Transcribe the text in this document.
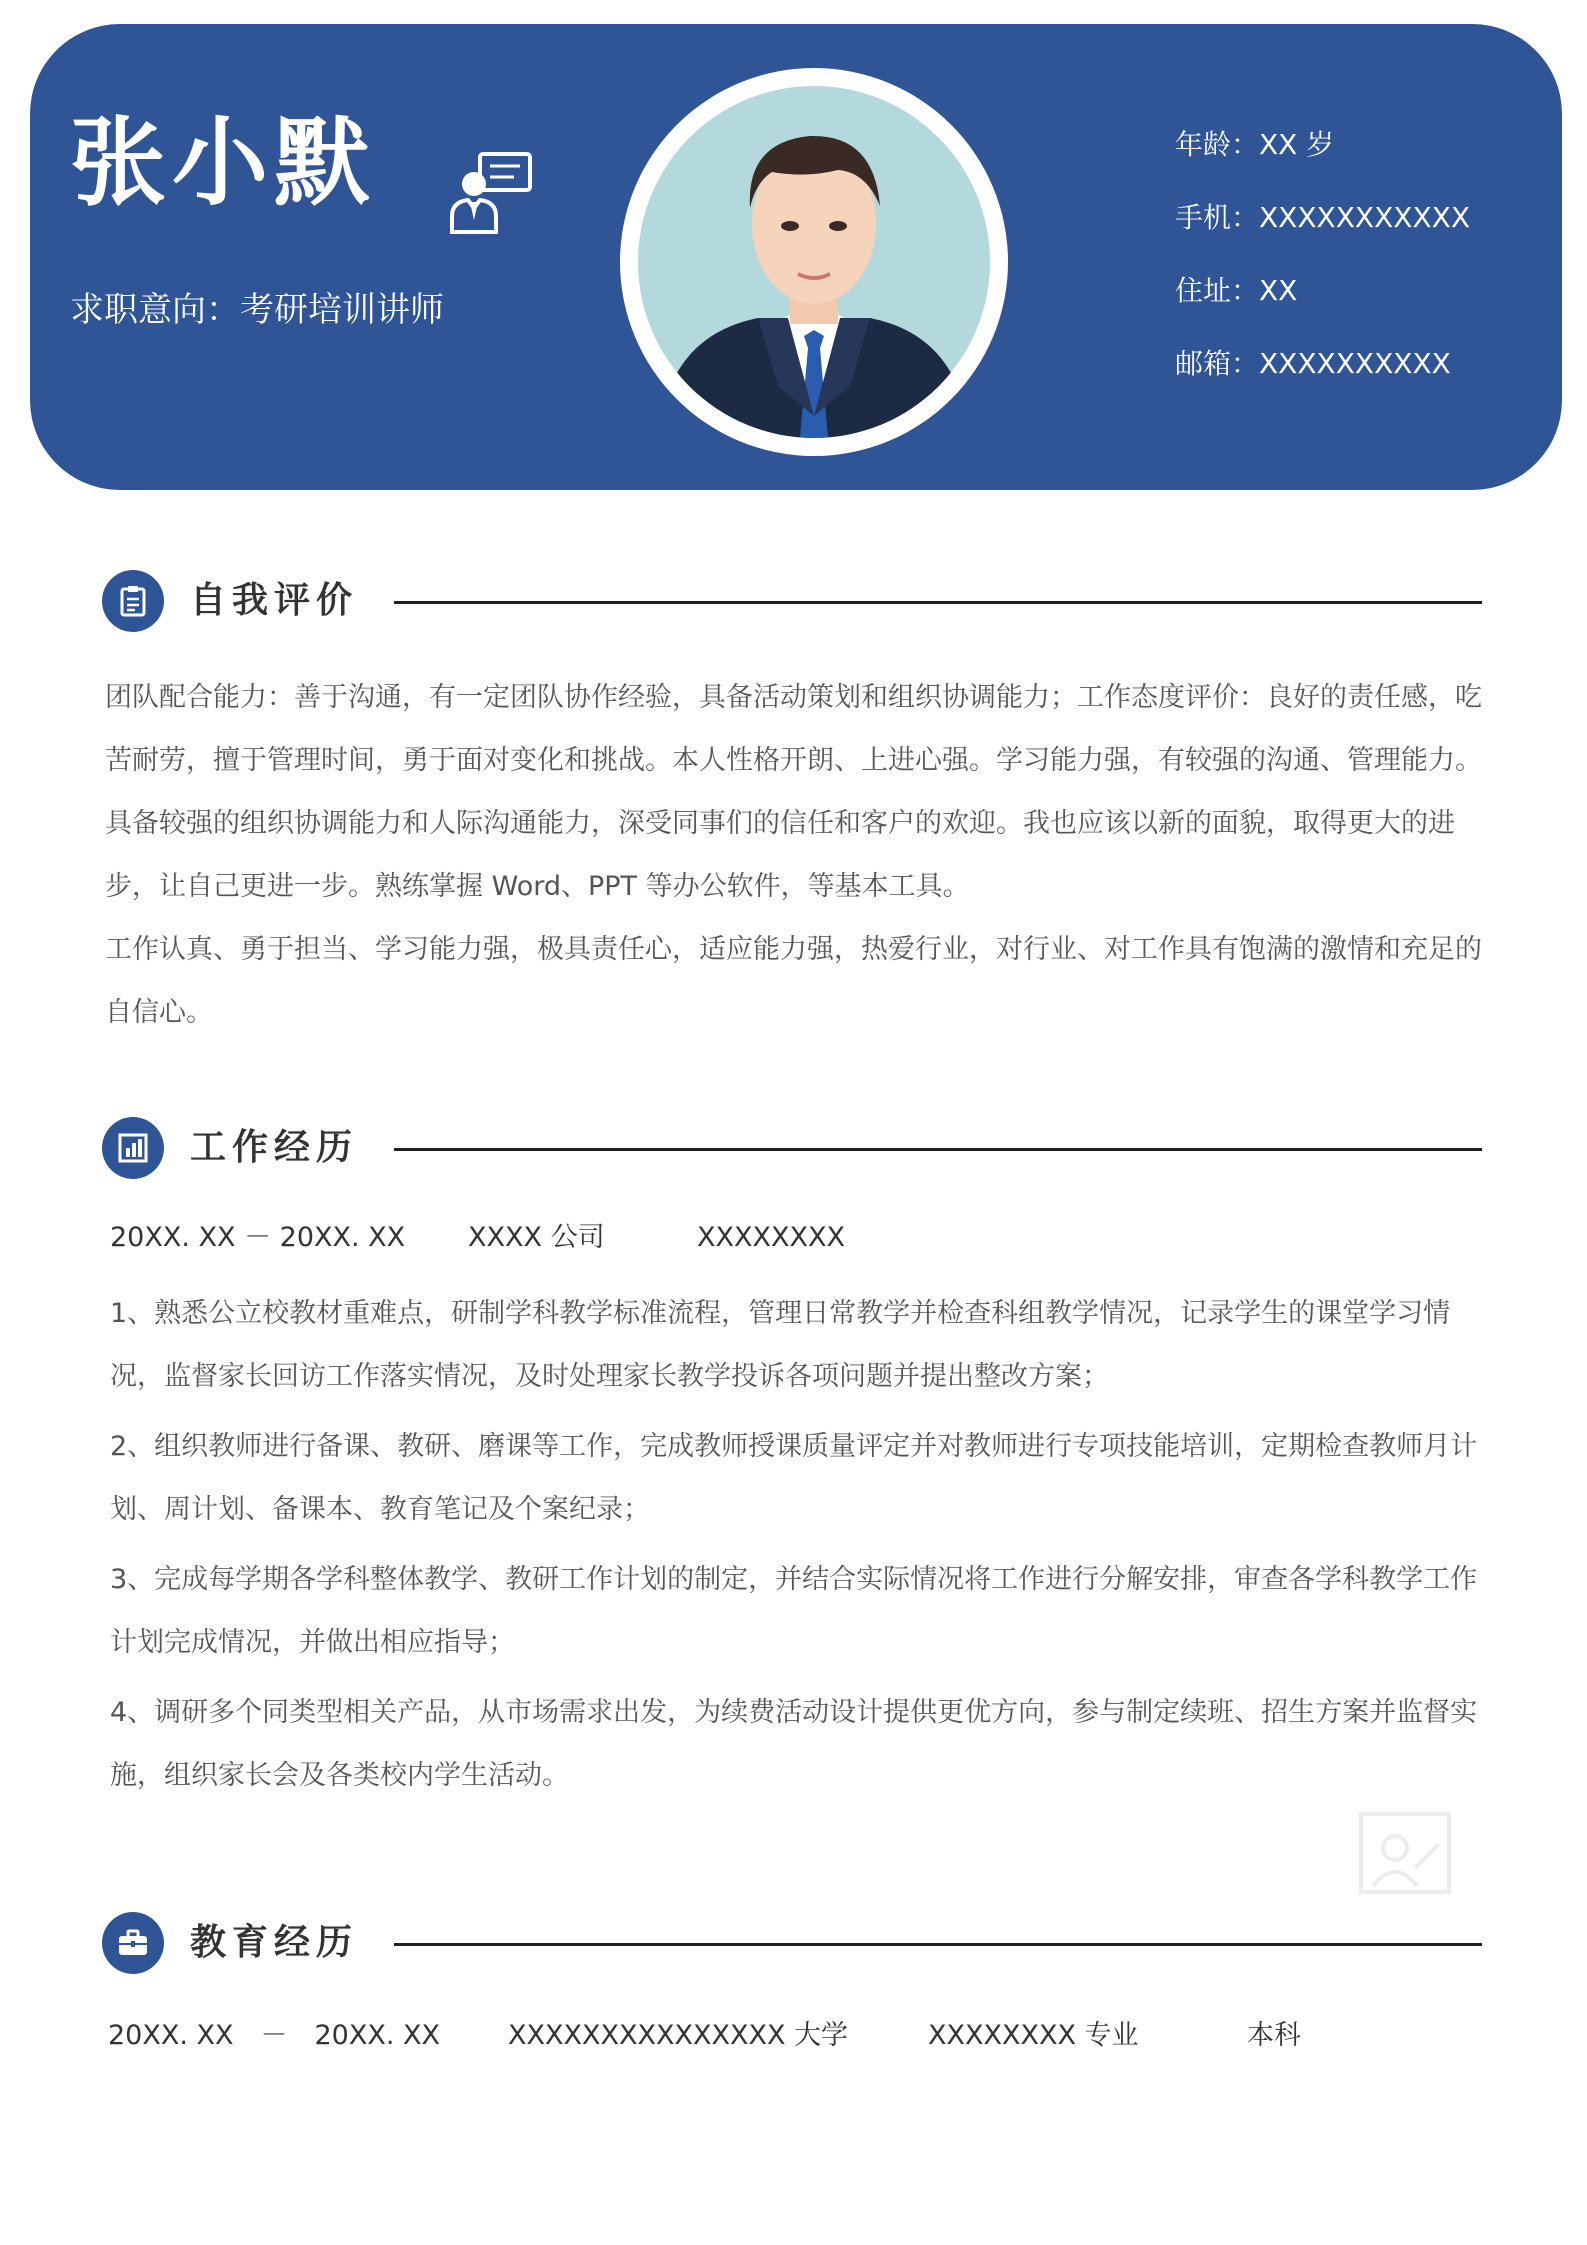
张小默
求职意向：考研培训讲师
年龄：XX 岁
手机：XXXXXXXXXXX
住址：XX
邮箱：XXXXXXXXXX
自我评价

团队配合能力：善于沟通，有一定团队协作经验，具备活动策划和组织协调能力；工作态度评价：良好的责任感，吃苦耐劳，擅于管理时间，勇于面对变化和挑战。本人性格开朗、上进心强。学习能力强，有较强的沟通、管理能力。具备较强的组织协调能力和人际沟通能力，深受同事们的信任和客户的欢迎。我也应该以新的面貌，取得更大的进步，让自己更进一步。熟练掌握 Word、PPT 等办公软件，等基本工具。

工作认真、勇于担当、学习能力强，极具责任心，适应能力强，热爱行业，对行业、对工作具有饱满的激情和充足的自信心。

工作经历
20XX. XX － 20XX. XX XXXX 公司	XXXXXXXX

1、熟悉公立校教材重难点，研制学科教学标准流程，管理日常教学并检查科组教学情况，记录学生的课堂学习情况，监督家长回访工作落实情况，及时处理家长教学投诉各项问题并提出整改方案；

2、组织教师进行备课、教研、磨课等工作，完成教师授课质量评定并对教师进行专项技能培训，定期检查教师月计划、周计划、备课本、教育笔记及个案纪录；

3、完成每学期各学科整体教学、教研工作计划的制定，并结合实际情况将工作进行分解安排，审查各学科教学工作计划完成情况，并做出相应指导；

4、调研多个同类型相关产品，从市场需求出发，为续费活动设计提供更优方向，参与制定续班、招生方案并监督实施，组织家长会及各类校内学生活动。

教育经历
20XX. XX　－　20XX. XX	XXXXXXXXXXXXXXX 大学	XXXXXXXX 专业	本科
